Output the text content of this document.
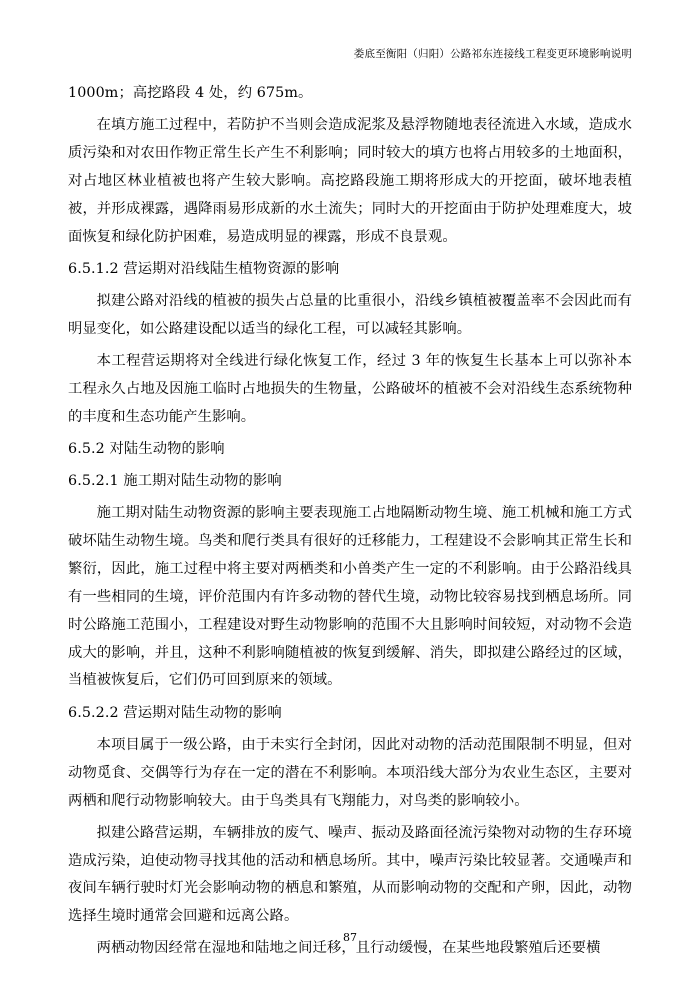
娄底至衡阳（归阳）公路祁东连接线工程变更环境影响说明

1000m；高挖路段 4 处，约 675m。

在填方施工过程中，若防护不当则会造成泥浆及悬浮物随地表径流进入水域，造成水质污染和对农田作物正常生长产生不利影响；同时较大的填方也将占用较多的土地面积，对占地区林业植被也将产生较大影响。高挖路段施工期将形成大的开挖面，破坏地表植被，并形成裸露，遇降雨易形成新的水土流失；同时大的开挖面由于防护处理难度大，坡面恢复和绿化防护困难，易造成明显的裸露，形成不良景观。

6.5.1.2 营运期对沿线陆生植物资源的影响

拟建公路对沿线的植被的损失占总量的比重很小，沿线乡镇植被覆盖率不会因此而有明显变化，如公路建设配以适当的绿化工程，可以减轻其影响。

本工程营运期将对全线进行绿化恢复工作，经过 3 年的恢复生长基本上可以弥补本工程永久占地及因施工临时占地损失的生物量，公路破坏的植被不会对沿线生态系统物种的丰度和生态功能产生影响。

6.5.2 对陆生动物的影响

6.5.2.1 施工期对陆生动物的影响

施工期对陆生动物资源的影响主要表现施工占地隔断动物生境、施工机械和施工方式破坏陆生动物生境。鸟类和爬行类具有很好的迁移能力，工程建设不会影响其正常生长和繁衍，因此，施工过程中将主要对两栖类和小兽类产生一定的不利影响。由于公路沿线具有一些相同的生境，评价范围内有许多动物的替代生境，动物比较容易找到栖息场所。同时公路施工范围小，工程建设对野生动物影响的范围不大且影响时间较短，对动物不会造成大的影响，并且，这种不利影响随植被的恢复到缓解、消失，即拟建公路经过的区域，当植被恢复后，它们仍可回到原来的领域。

6.5.2.2 营运期对陆生动物的影响

本项目属于一级公路，由于未实行全封闭，因此对动物的活动范围限制不明显，但对动物觅食、交偶等行为存在一定的潜在不利影响。本项沿线大部分为农业生态区，主要对两栖和爬行动物影响较大。由于鸟类具有飞翔能力，对鸟类的影响较小。

拟建公路营运期，车辆排放的废气、噪声、振动及路面径流污染物对动物的生存环境造成污染，迫使动物寻找其他的活动和栖息场所。其中，噪声污染比较显著。交通噪声和夜间车辆行驶时灯光会影响动物的栖息和繁殖，从而影响动物的交配和产卵，因此，动物选择生境时通常会回避和远离公路。

两栖动物因经常在湿地和陆地之间迁移，且行动缓慢，在某些地段繁殖后还要横

87
